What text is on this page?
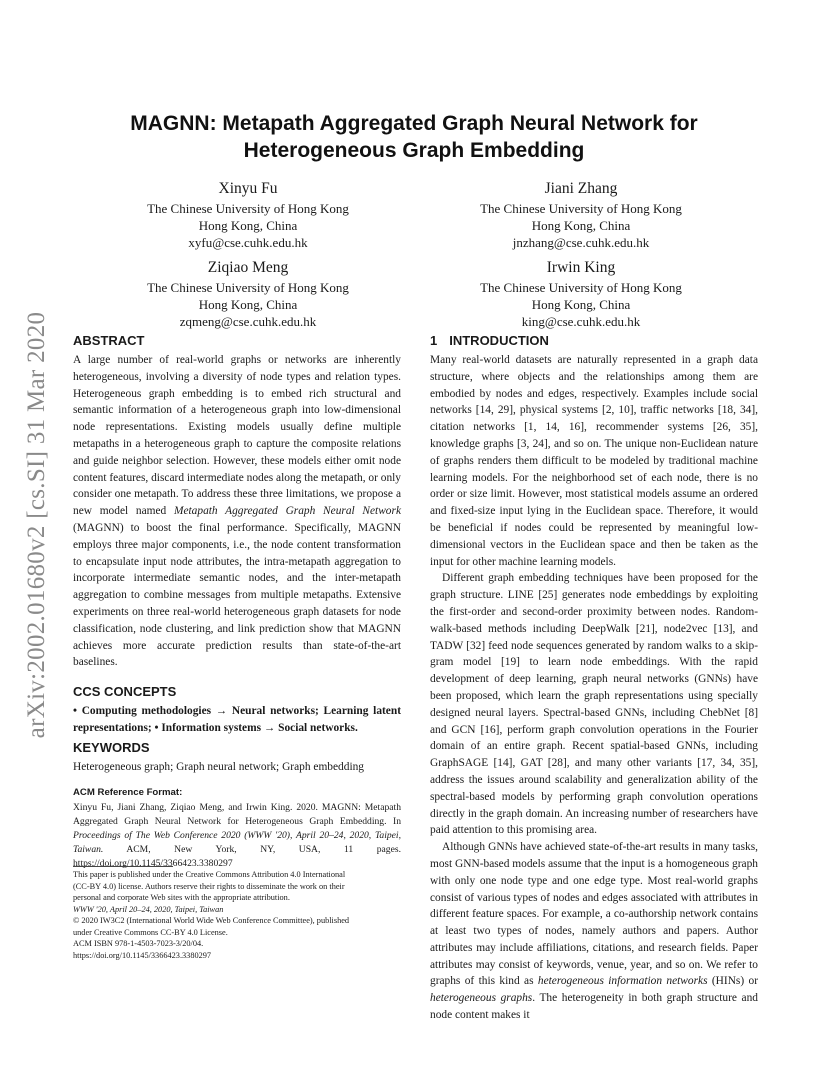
arXiv:2002.01680v2 [cs.SI] 31 Mar 2020
MAGNN: Metapath Aggregated Graph Neural Network for
Heterogeneous Graph Embedding
Xinyu Fu
The Chinese University of Hong Kong
Hong Kong, China
xyfu@cse.cuhk.edu.hk
Jiani Zhang
The Chinese University of Hong Kong
Hong Kong, China
jnzhang@cse.cuhk.edu.hk
Ziqiao Meng
The Chinese University of Hong Kong
Hong Kong, China
zqmeng@cse.cuhk.edu.hk
Irwin King
The Chinese University of Hong Kong
Hong Kong, China
king@cse.cuhk.edu.hk
ABSTRACT

A large number of real-world graphs or networks are inherently heterogeneous, involving a diversity of node types and relation types. Heterogeneous graph embedding is to embed rich structural and semantic information of a heterogeneous graph into low-dimensional node representations. Existing models usually define multiple metapaths in a heterogeneous graph to capture the composite relations and guide neighbor selection. However, these models either omit node content features, discard intermediate nodes along the metapath, or only consider one metapath. To address these three limitations, we propose a new model named Metapath Aggregated Graph Neural Network (MAGNN) to boost the final performance. Specifically, MAGNN employs three major components, i.e., the node content transformation to encapsulate input node attributes, the intra-metapath aggregation to incorporate intermediate semantic nodes, and the inter-metapath aggregation to combine messages from multiple metapaths. Extensive experiments on three real-world heterogeneous graph datasets for node classification, node clustering, and link prediction show that MAGNN achieves more accurate prediction results than state-of-the-art baselines.

CCS CONCEPTS

• Computing methodologies → Neural networks; Learning latent representations; • Information systems → Social networks.

KEYWORDS

Heterogeneous graph; Graph neural network; Graph embedding

ACM Reference Format:

Xinyu Fu, Jiani Zhang, Ziqiao Meng, and Irwin King. 2020. MAGNN: Metapath Aggregated Graph Neural Network for Heterogeneous Graph Embedding. In Proceedings of The Web Conference 2020 (WWW '20), April 20–24, 2020, Taipei, Taiwan. ACM, New York, NY, USA, 11 pages. https://doi.org/10.1145/3366423.3380297

This paper is published under the Creative Commons Attribution 4.0 International
(CC-BY 4.0) license. Authors reserve their rights to disseminate the work on their
personal and corporate Web sites with the appropriate attribution.
WWW '20, April 20–24, 2020, Taipei, Taiwan
© 2020 IW3C2 (International World Wide Web Conference Committee), published
under Creative Commons CC-BY 4.0 License.
ACM ISBN 978-1-4503-7023-3/20/04.
https://doi.org/10.1145/3366423.3380297
1 INTRODUCTION

Many real-world datasets are naturally represented in a graph data structure, where objects and the relationships among them are embodied by nodes and edges, respectively. Examples include social networks [14, 29], physical systems [2, 10], traffic networks [18, 34], citation networks [1, 14, 16], recommender systems [26, 35], knowledge graphs [3, 24], and so on. The unique non-Euclidean nature of graphs renders them difficult to be modeled by traditional machine learning models. For the neighborhood set of each node, there is no order or size limit. However, most statistical models assume an ordered and fixed-size input lying in the Euclidean space. Therefore, it would be beneficial if nodes could be represented by meaningful low-dimensional vectors in the Euclidean space and then be taken as the input for other machine learning models.

Different graph embedding techniques have been proposed for the graph structure. LINE [25] generates node embeddings by exploiting the first-order and second-order proximity between nodes. Random-walk-based methods including DeepWalk [21], node2vec [13], and TADW [32] feed node sequences generated by random walks to a skip-gram model [19] to learn node embeddings. With the rapid development of deep learning, graph neural networks (GNNs) have been proposed, which learn the graph representations using specially designed neural layers. Spectral-based GNNs, including ChebNet [8] and GCN [16], perform graph convolution operations in the Fourier domain of an entire graph. Recent spatial-based GNNs, including GraphSAGE [14], GAT [28], and many other variants [17, 34, 35], address the issues around scalability and generalization ability of the spectral-based models by performing graph convolution operations directly in the graph domain. An increasing number of researchers have paid attention to this promising area.

Although GNNs have achieved state-of-the-art results in many tasks, most GNN-based models assume that the input is a homogeneous graph with only one node type and one edge type. Most real-world graphs consist of various types of nodes and edges associated with attributes in different feature spaces. For example, a co-authorship network contains at least two types of nodes, namely authors and papers. Author attributes may include affiliations, citations, and research fields. Paper attributes may consist of keywords, venue, year, and so on. We refer to graphs of this kind as heterogeneous information networks (HINs) or heterogeneous graphs. The heterogeneity in both graph structure and node content makes it
